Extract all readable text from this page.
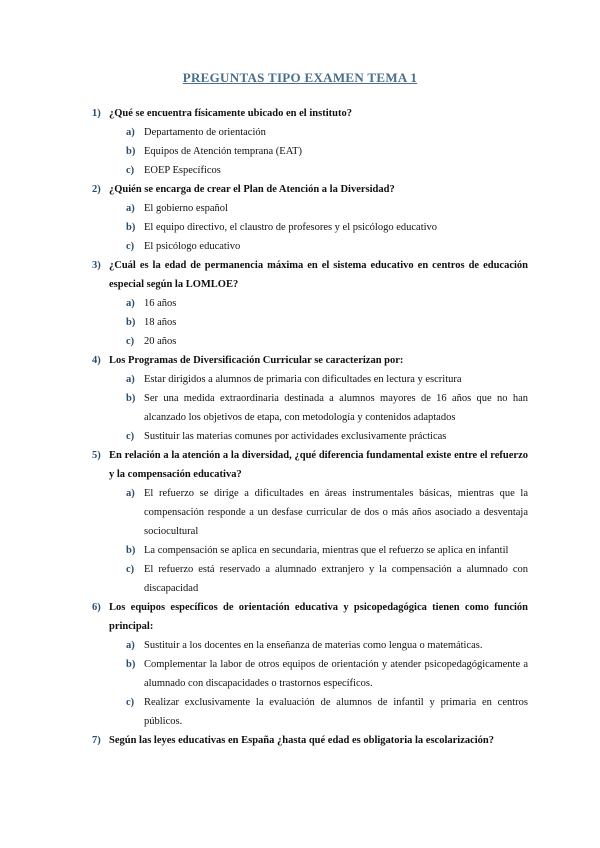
PREGUNTAS TIPO EXAMEN TEMA 1
1) ¿Qué se encuentra físicamente ubicado en el instituto?
a) Departamento de orientación
b) Equipos de Atención temprana (EAT)
c) EOEP Específicos
2) ¿Quién se encarga de crear el Plan de Atención a la Diversidad?
a) El gobierno español
b) El equipo directivo, el claustro de profesores y el psicólogo educativo
c) El psicólogo educativo
3) ¿Cuál es la edad de permanencia máxima en el sistema educativo en centros de educación especial según la LOMLOE?
a) 16 años
b) 18 años
c) 20 años
4) Los Programas de Diversificación Curricular se caracterizan por:
a) Estar dirigidos a alumnos de primaria con dificultades en lectura y escritura
b) Ser una medida extraordinaria destinada a alumnos mayores de 16 años que no han alcanzado los objetivos de etapa, con metodología y contenidos adaptados
c) Sustituir las materias comunes por actividades exclusivamente prácticas
5) En relación a la atención a la diversidad, ¿qué diferencia fundamental existe entre el refuerzo y la compensación educativa?
a) El refuerzo se dirige a dificultades en áreas instrumentales básicas, mientras que la compensación responde a un desfase curricular de dos o más años asociado a desventaja sociocultural
b) La compensación se aplica en secundaria, mientras que el refuerzo se aplica en infantil
c) El refuerzo está reservado a alumnado extranjero y la compensación a alumnado con discapacidad
6) Los equipos específicos de orientación educativa y psicopedagógica tienen como función principal:
a) Sustituir a los docentes en la enseñanza de materias como lengua o matemáticas.
b) Complementar la labor de otros equipos de orientación y atender psicopedagógicamente a alumnado con discapacidades o trastornos específicos.
c) Realizar exclusivamente la evaluación de alumnos de infantil y primaria en centros públicos.
7) Según las leyes educativas en España ¿hasta qué edad es obligatoria la escolarización?
